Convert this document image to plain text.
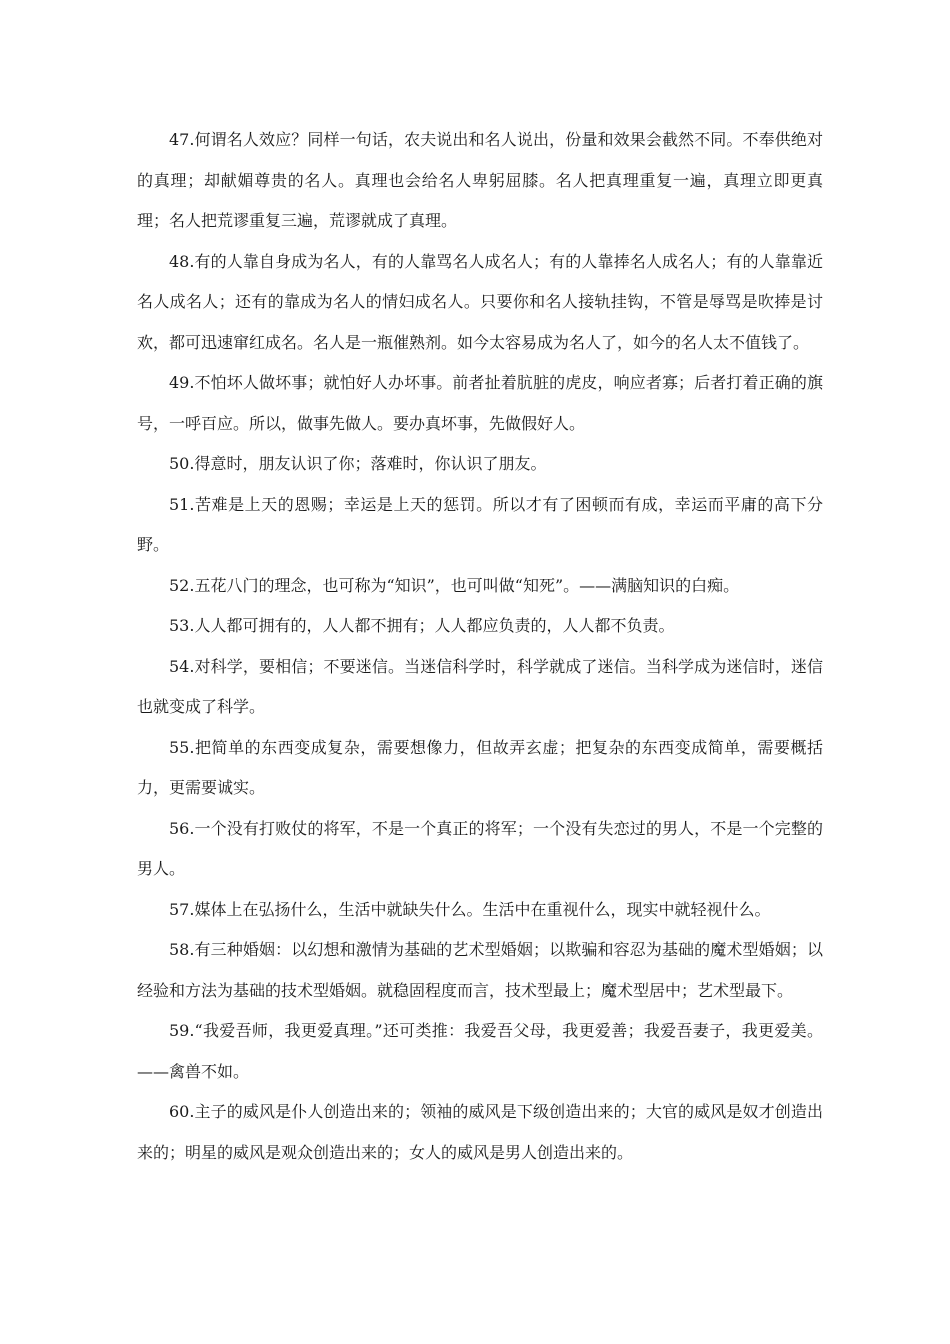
47.何谓名人效应？同样一句话，农夫说出和名人说出，份量和效果会截然不同。不奉供绝对的真理；却献媚尊贵的名人。真理也会给名人卑躬屈膝。名人把真理重复一遍，真理立即更真理；名人把荒谬重复三遍，荒谬就成了真理。

48.有的人靠自身成为名人，有的人靠骂名人成名人；有的人靠捧名人成名人；有的人靠靠近名人成名人；还有的靠成为名人的情妇成名人。只要你和名人接轨挂钩，不管是辱骂是吹捧是讨欢，都可迅速窜红成名。名人是一瓶催熟剂。如今太容易成为名人了，如今的名人太不值钱了。

49.不怕坏人做坏事；就怕好人办坏事。前者扯着肮脏的虎皮，响应者寡；后者打着正确的旗号，一呼百应。所以，做事先做人。要办真坏事，先做假好人。

50.得意时，朋友认识了你；落难时，你认识了朋友。

51.苦难是上天的恩赐；幸运是上天的惩罚。所以才有了困顿而有成，幸运而平庸的高下分野。

52.五花八门的理念，也可称为“知识”，也可叫做“知死”。——满脑知识的白痴。

53.人人都可拥有的，人人都不拥有；人人都应负责的，人人都不负责。

54.对科学，要相信；不要迷信。当迷信科学时，科学就成了迷信。当科学成为迷信时，迷信也就变成了科学。

55.把简单的东西变成复杂，需要想像力，但故弄玄虚；把复杂的东西变成简单，需要概括力，更需要诚实。

56.一个没有打败仗的将军，不是一个真正的将军；一个没有失恋过的男人，不是一个完整的男人。

57.媒体上在弘扬什么，生活中就缺失什么。生活中在重视什么，现实中就轻视什么。

58.有三种婚姻：以幻想和激情为基础的艺术型婚姻；以欺骗和容忍为基础的魔术型婚姻；以经验和方法为基础的技术型婚姻。就稳固程度而言，技术型最上；魔术型居中；艺术型最下。

59.“我爱吾师，我更爱真理。”还可类推：我爱吾父母，我更爱善；我爱吾妻子，我更爱美。——禽兽不如。

60.主子的威风是仆人创造出来的；领袖的威风是下级创造出来的；大官的威风是奴才创造出来的；明星的威风是观众创造出来的；女人的威风是男人创造出来的。
